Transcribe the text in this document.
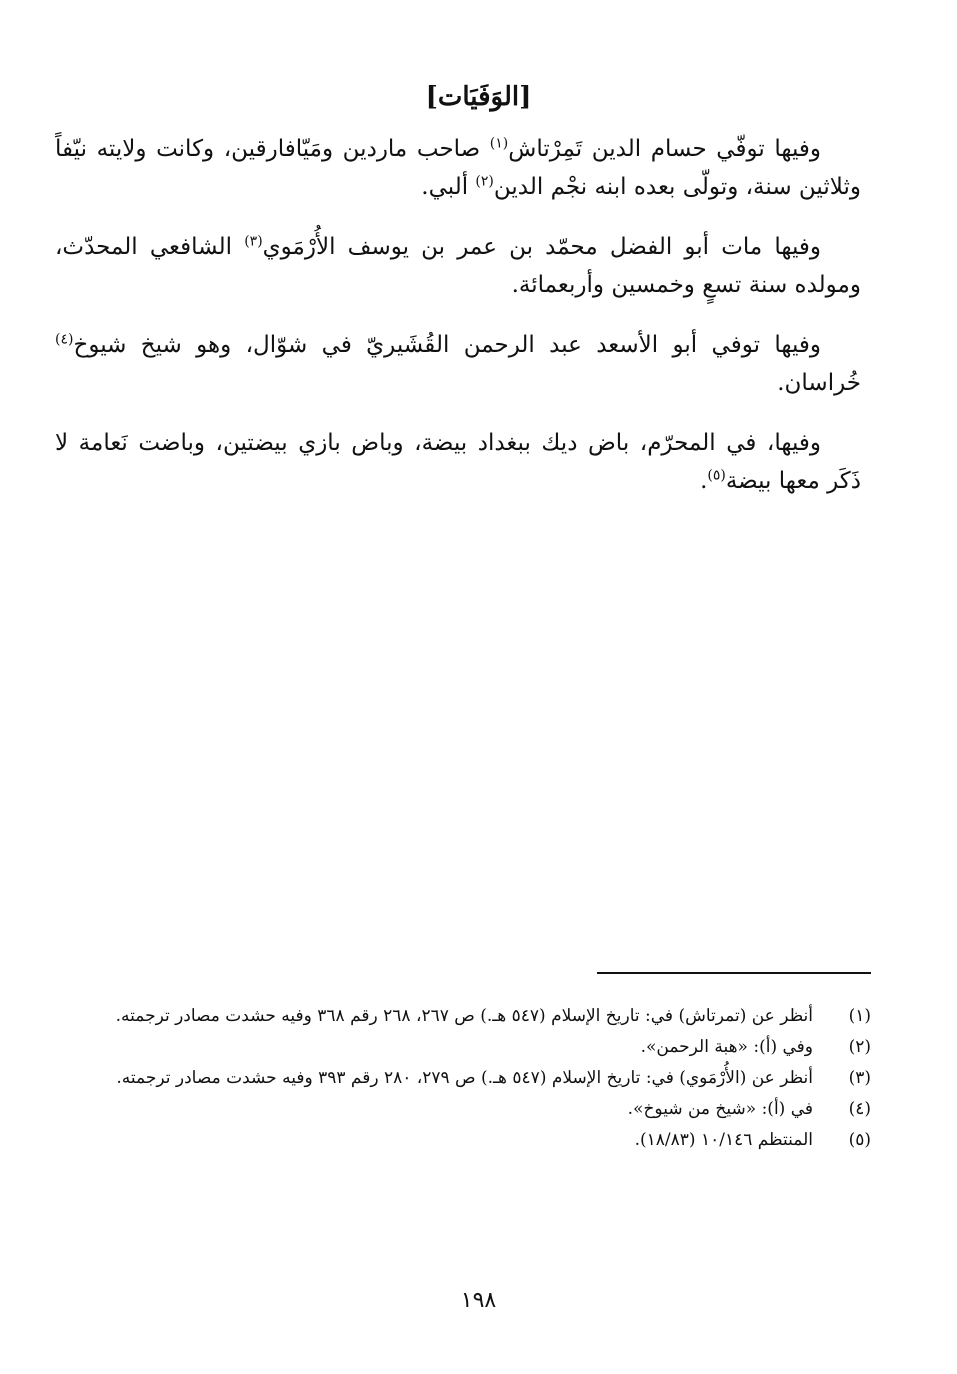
[الوَفَيَات]

وفيها توفّي حسام الدين تَمِرْتاش$^{(١)}$ صاحب ماردين ومَيّافارقين، وكانت ولايته نيّفاً وثلاثين سنة، وتولّى بعده ابنه نجْم الدين$^{(٢)}$ ألبي.

وفيها مات أبو الفضل محمّد بن عمر بن يوسف الأُرْمَوي$^{(٣)}$ الشافعي المحدّث، ومولده سنة تسعٍ وخمسين وأربعمائة.

وفيها توفي أبو الأسعد عبد الرحمن القُشَيريّ في شوّال، وهو شيخ شيوخ$^{(٤)}$ خُراسان.

وفيها، في المحرّم، باض ديك ببغداد بيضة، وباض بازي بيضتين، وباضت نَعامة لا ذَكَر معها بيضة$^{(٥)}$.

(١)
أنظر عن (تمرتاش) في: تاريخ الإسلام (٥٤٧ هـ.) ص ٢٦٧، ٢٦٨ رقم ٣٦٨ وفيه حشدت مصادر ترجمته.
(٢)
وفي (أ): «هبة الرحمن».
(٣)
أنظر عن (الأُرْمَوي) في: تاريخ الإسلام (٥٤٧ هـ.) ص ٢٧٩، ٢٨٠ رقم ٣٩٣ وفيه حشدت مصادر ترجمته.
(٤)
في (أ): «شيخ من شيوخ».
(٥)
المنتظم ١٠/١٤٦ (١٨/٨٣).
١٩٨
